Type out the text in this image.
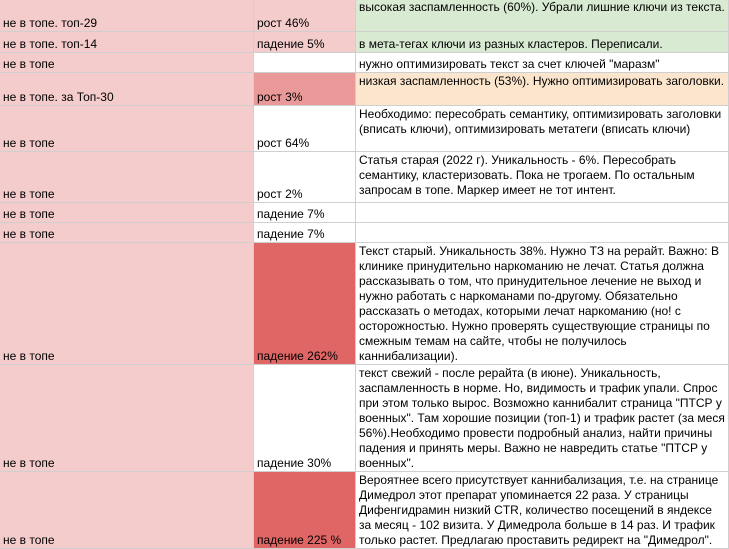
не в топе. топ-29	рост 46%	высокая заспамленность (60%). Убрали лишние ключи из текста.
не в топе. топ-14	падение 5%	в мета-тегах ключи из разных кластеров. Переписали.
не в топе		нужно оптимизировать текст за счет ключей "маразм"
не в топе. за Топ-30	рост 3%	низкая заспамленность (53%). Нужно оптимизировать заголовки.
не в топе	рост 64%	Необходимо: пересобрать семантику, оптимизировать заголовки (вписать ключи), оптимизировать метатеги (вписать ключи)
не в топе	рост 2%	Статья старая (2022 г). Уникальность - 6%. Пересобрать семантику, кластеризовать. Пока не трогаем. По остальным запросам в топе. Маркер имеет не тот интент.
не в топе	падение 7%	
не в топе	падение 7%	
не в топе	падение 262%	Текст старый. Уникальность 38%. Нужно ТЗ на рерайт. Важно: В клинике принудительно наркоманию не лечат. Статья должна рассказывать о том, что принудительное лечение не выход и нужно работать с наркоманами по-другому. Обязательно рассказать о методах, которыми лечат наркоманию (но! с осторожностью. Нужно проверять существующие страницы по смежным темам на сайте, чтобы не получилось каннибализации).
не в топе	падение 30%	текст свежий - после рерайта (в июне). Уникальность, заспамленность в норме. Но, видимость и трафик упали. Спрос при этом только вырос. Возможно каннибалит страница "ПТСР у военных". Там хорошие позиции (топ-1) и трафик растет (за меся 56%).Необходимо провести подробный анализ, найти причины падения и принять меры. Важно не навредить статье "ПТСР у военных".
не в топе	падение 225 %	Вероятнее всего присутствует каннибализация, т.е. на странице Димедрол этот препарат упоминается 22 раза. У страницы Дифенгидрамин низкий CTR, количество посещений в яндексе за месяц - 102 визита. У Димедрола больше в 14 раз. И трафик только растет. Предлагаю проставить редирект на "Димедрол".
